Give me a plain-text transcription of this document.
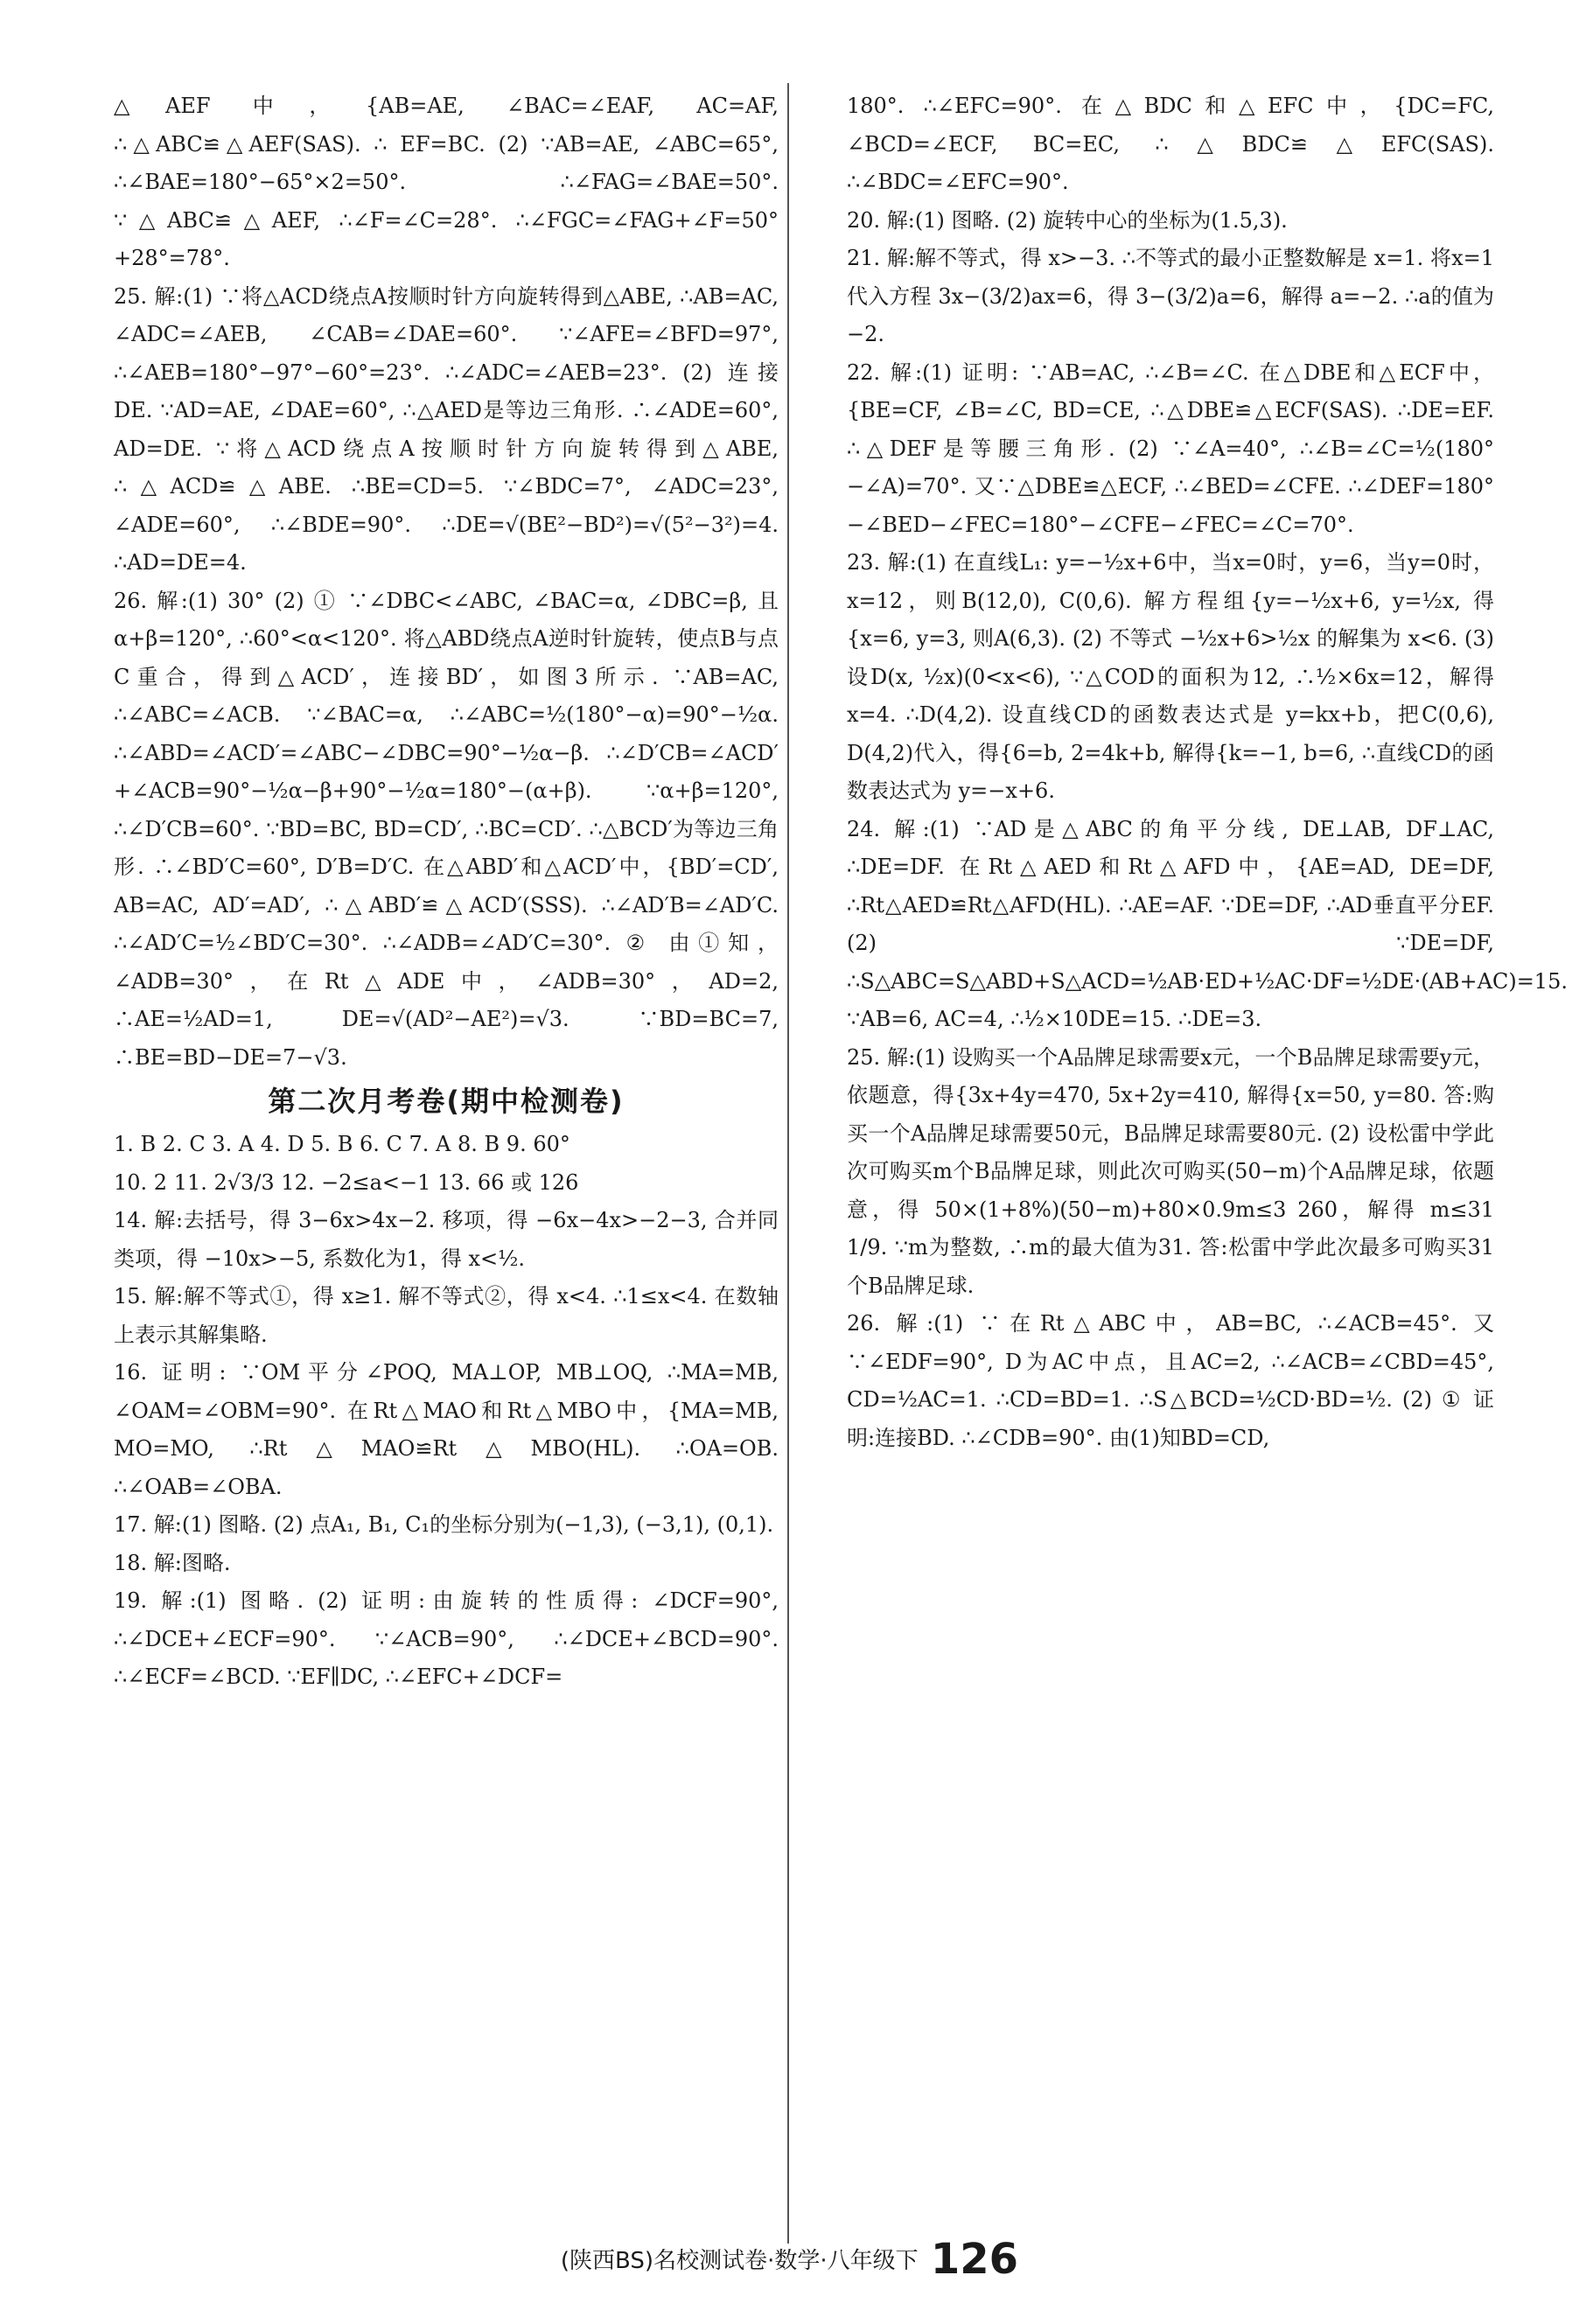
△AEF 中，{AB=AE, ∠BAC=∠EAF, AC=AF, ∴△ABC≌△AEF(SAS). ∴ EF=BC. (2) ∵AB=AE, ∠ABC=65°, ∴∠BAE=180°−65°×2=50°. ∴∠FAG=∠BAE=50°. ∵△ABC≌△AEF, ∴∠F=∠C=28°. ∴∠FGC=∠FAG+∠F=50°+28°=78°.

25. 解:(1) ∵将△ACD绕点A按顺时针方向旋转得到△ABE, ∴AB=AC, ∠ADC=∠AEB, ∠CAB=∠DAE=60°. ∵∠AFE=∠BFD=97°, ∴∠AEB=180°−97°−60°=23°. ∴∠ADC=∠AEB=23°. (2) 连接 DE. ∵AD=AE, ∠DAE=60°, ∴△AED是等边三角形. ∴∠ADE=60°, AD=DE. ∵将△ACD绕点A按顺时针方向旋转得到△ABE, ∴△ACD≌△ABE. ∴BE=CD=5. ∵∠BDC=7°, ∠ADC=23°, ∠ADE=60°, ∴∠BDE=90°. ∴DE=√(BE²−BD²)=√(5²−3²)=4. ∴AD=DE=4.

26. 解:(1) 30° (2) ① ∵∠DBC<∠ABC, ∠BAC=α, ∠DBC=β, 且α+β=120°, ∴60°<α<120°. 将△ABD绕点A逆时针旋转，使点B与点C重合，得到△ACD′，连接BD′，如图3所示. ∵AB=AC, ∴∠ABC=∠ACB. ∵∠BAC=α, ∴∠ABC=½(180°−α)=90°−½α. ∴∠ABD=∠ACD′=∠ABC−∠DBC=90°−½α−β. ∴∠D′CB=∠ACD′+∠ACB=90°−½α−β+90°−½α=180°−(α+β). ∵α+β=120°, ∴∠D′CB=60°. ∵BD=BC, BD=CD′, ∴BC=CD′. ∴△BCD′为等边三角形. ∴∠BD′C=60°, D′B=D′C. 在△ABD′和△ACD′中，{BD′=CD′, AB=AC, AD′=AD′, ∴△ABD′≌△ACD′(SSS). ∴∠AD′B=∠AD′C. ∴∠AD′C=½∠BD′C=30°. ∴∠ADB=∠AD′C=30°. ② 由①知，∠ADB=30°，在Rt△ADE中，∠ADB=30°，AD=2, ∴AE=½AD=1, DE=√(AD²−AE²)=√3. ∵BD=BC=7, ∴BE=BD−DE=7−√3.

第二次月考卷(期中检测卷)

1. B 2. C 3. A 4. D 5. B 6. C 7. A 8. B 9. 60°

10. 2 11. 2√3/3 12. −2≤a<−1 13. 66 或 126

14. 解:去括号，得 3−6x>4x−2. 移项，得 −6x−4x>−2−3, 合并同类项，得 −10x>−5, 系数化为1，得 x<½.

15. 解:解不等式①，得 x≥1. 解不等式②，得 x<4. ∴1≤x<4. 在数轴上表示其解集略.

16. 证明: ∵OM平分∠POQ, MA⊥OP, MB⊥OQ, ∴MA=MB, ∠OAM=∠OBM=90°. 在Rt△MAO和Rt△MBO中，{MA=MB, MO=MO, ∴Rt△MAO≌Rt△MBO(HL). ∴OA=OB. ∴∠OAB=∠OBA.

17. 解:(1) 图略. (2) 点A₁, B₁, C₁的坐标分别为(−1,3), (−3,1), (0,1).

18. 解:图略.

19. 解:(1) 图略. (2) 证明:由旋转的性质得: ∠DCF=90°, ∴∠DCE+∠ECF=90°. ∵∠ACB=90°, ∴∠DCE+∠BCD=90°. ∴∠ECF=∠BCD. ∵EF∥DC, ∴∠EFC+∠DCF=

180°. ∴∠EFC=90°. 在△BDC和△EFC中，{DC=FC, ∠BCD=∠ECF, BC=EC, ∴△BDC≌△EFC(SAS). ∴∠BDC=∠EFC=90°.

20. 解:(1) 图略. (2) 旋转中心的坐标为(1.5,3).

21. 解:解不等式，得 x>−3. ∴不等式的最小正整数解是 x=1. 将x=1代入方程 3x−(3/2)ax=6，得 3−(3/2)a=6，解得 a=−2. ∴a的值为−2.

22. 解:(1) 证明: ∵AB=AC, ∴∠B=∠C. 在△DBE和△ECF中，{BE=CF, ∠B=∠C, BD=CE, ∴△DBE≌△ECF(SAS). ∴DE=EF. ∴△DEF是等腰三角形. (2) ∵∠A=40°, ∴∠B=∠C=½(180°−∠A)=70°. 又∵△DBE≌△ECF, ∴∠BED=∠CFE. ∴∠DEF=180°−∠BED−∠FEC=180°−∠CFE−∠FEC=∠C=70°.

23. 解:(1) 在直线L₁: y=−½x+6中，当x=0时，y=6，当y=0时，x=12，则B(12,0), C(0,6). 解方程组{y=−½x+6, y=½x, 得{x=6, y=3, 则A(6,3). (2) 不等式 −½x+6>½x 的解集为 x<6. (3) 设D(x, ½x)(0<x<6), ∵△COD的面积为12, ∴½×6x=12，解得 x=4. ∴D(4,2). 设直线CD的函数表达式是 y=kx+b，把C(0,6), D(4,2)代入，得{6=b, 2=4k+b, 解得{k=−1, b=6, ∴直线CD的函数表达式为 y=−x+6.

24. 解:(1) ∵AD是△ABC的角平分线, DE⊥AB, DF⊥AC, ∴DE=DF. 在Rt△AED和Rt△AFD中，{AE=AD, DE=DF, ∴Rt△AED≌Rt△AFD(HL). ∴AE=AF. ∵DE=DF, ∴AD垂直平分EF. (2) ∵DE=DF, ∴S△ABC=S△ABD+S△ACD=½AB·ED+½AC·DF=½DE·(AB+AC)=15. ∵AB=6, AC=4, ∴½×10DE=15. ∴DE=3.

25. 解:(1) 设购买一个A品牌足球需要x元，一个B品牌足球需要y元，依题意，得{3x+4y=470, 5x+2y=410, 解得{x=50, y=80. 答:购买一个A品牌足球需要50元，B品牌足球需要80元. (2) 设松雷中学此次可购买m个B品牌足球，则此次可购买(50−m)个A品牌足球，依题意，得 50×(1+8%)(50−m)+80×0.9m≤3 260，解得 m≤31 1/9. ∵m为整数, ∴m的最大值为31. 答:松雷中学此次最多可购买31个B品牌足球.

26. 解:(1) ∵在Rt△ABC中，AB=BC, ∴∠ACB=45°. 又∵∠EDF=90°, D为AC中点，且AC=2, ∴∠ACB=∠CBD=45°, CD=½AC=1. ∴CD=BD=1. ∴S△BCD=½CD·BD=½. (2) ① 证明:连接BD. ∴∠CDB=90°. 由(1)知BD=CD,

(陕西BS)名校测试卷·数学·八年级下 126
